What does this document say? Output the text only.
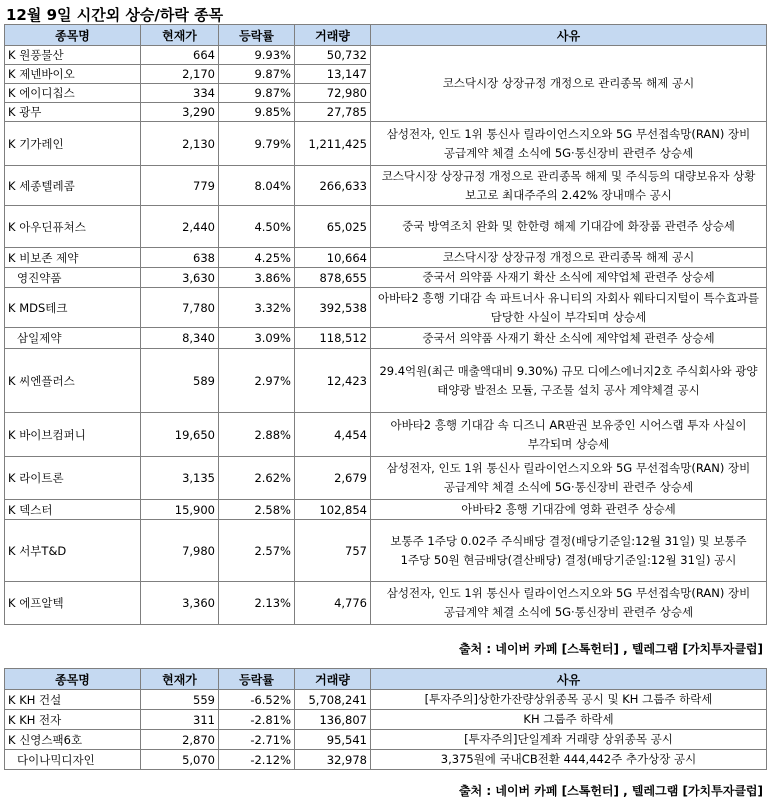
12월 9일 시간외 상승/하락 종목
종목명	현재가	등락률	거래량	사유
K 원풍물산	664	9.93%	50,732	코스닥시장 상장규정 개정으로 관리종목 해제 공시
K 제넨바이오	2,170	9.87%	13,147	
K 에이디칩스	334	9.87%	72,980	
K 광무	3,290	9.85%	27,785	
K 기가레인	2,130	9.79%	1,211,425	삼성전자, 인도 1위 통신사 릴라이언스지오와 5G 무선접속망(RAN) 장비 공급계약 체결 소식에 5G·통신장비 관련주 상승세
K 세종텔레콤	779	8.04%	266,633	코스닥시장 상장규정 개정으로 관리종목 해제 및 주식등의 대량보유자 상황 보고로 최대주주의 2.42% 장내매수 공시
K 아우딘퓨쳐스	2,440	4.50%	65,025	중국 방역조치 완화 및 한한령 해제 기대감에 화장품 관련주 상승세
K 비보존 제약	638	4.25%	10,664	코스닥시장 상장규정 개정으로 관리종목 해제 공시
영진약품	3,630	3.86%	878,655	중국서 의약품 사재기 확산 소식에 제약업체 관련주 상승세
K MDS테크	7,780	3.32%	392,538	아바타2 흥행 기대감 속 파트너사 유니티의 자회사 웨타디지털이 특수효과를 담당한 사실이 부각되며 상승세
삼일제약	8,340	3.09%	118,512	중국서 의약품 사재기 확산 소식에 제약업체 관련주 상승세
K 씨엔플러스	589	2.97%	12,423	29.4억원(최근 매출액대비 9.30%) 규모 디에스에너지2호 주식회사와 광양 태양광 발전소 모듈, 구조물 설치 공사 계약체결 공시
K 바이브컴퍼니	19,650	2.88%	4,454	아바타2 흥행 기대감 속 디즈니 AR판권 보유중인 시어스랩 투자 사실이 부각되며 상승세
K 라이트론	3,135	2.62%	2,679	삼성전자, 인도 1위 통신사 릴라이언스지오와 5G 무선접속망(RAN) 장비 공급계약 체결 소식에 5G·통신장비 관련주 상승세
K 덱스터	15,900	2.58%	102,854	아바타2 흥행 기대감에 영화 관련주 상승세
K 서부T&D	7,980	2.57%	757	보통주 1주당 0.02주 주식배당 결정(배당기준일:12월 31일) 및 보통주 1주당 50원 현금배당(결산배당) 결정(배당기준일:12월 31일) 공시
K 에프알텍	3,360	2.13%	4,776	삼성전자, 인도 1위 통신사 릴라이언스지오와 5G 무선접속망(RAN) 장비 공급계약 체결 소식에 5G·통신장비 관련주 상승세
출처 : 네이버 카페 [스톡헌터] , 텔레그램 [가치투자클럽]
종목명	현재가	등락률	거래량	사유
K KH 건설	559	-6.52%	5,708,241	[투자주의]상한가잔량상위종목 공시 및 KH 그룹주 하락세
K KH 전자	311	-2.81%	136,807	KH 그룹주 하락세
K 신영스팩6호	2,870	-2.71%	95,541	[투자주의]단일계좌 거래량 상위종목 공시
다이나믹디자인	5,070	-2.12%	32,978	3,375원에 국내CB전환 444,442주 추가상장 공시
출처 : 네이버 카페 [스톡헌터] , 텔레그램 [가치투자클럽]
